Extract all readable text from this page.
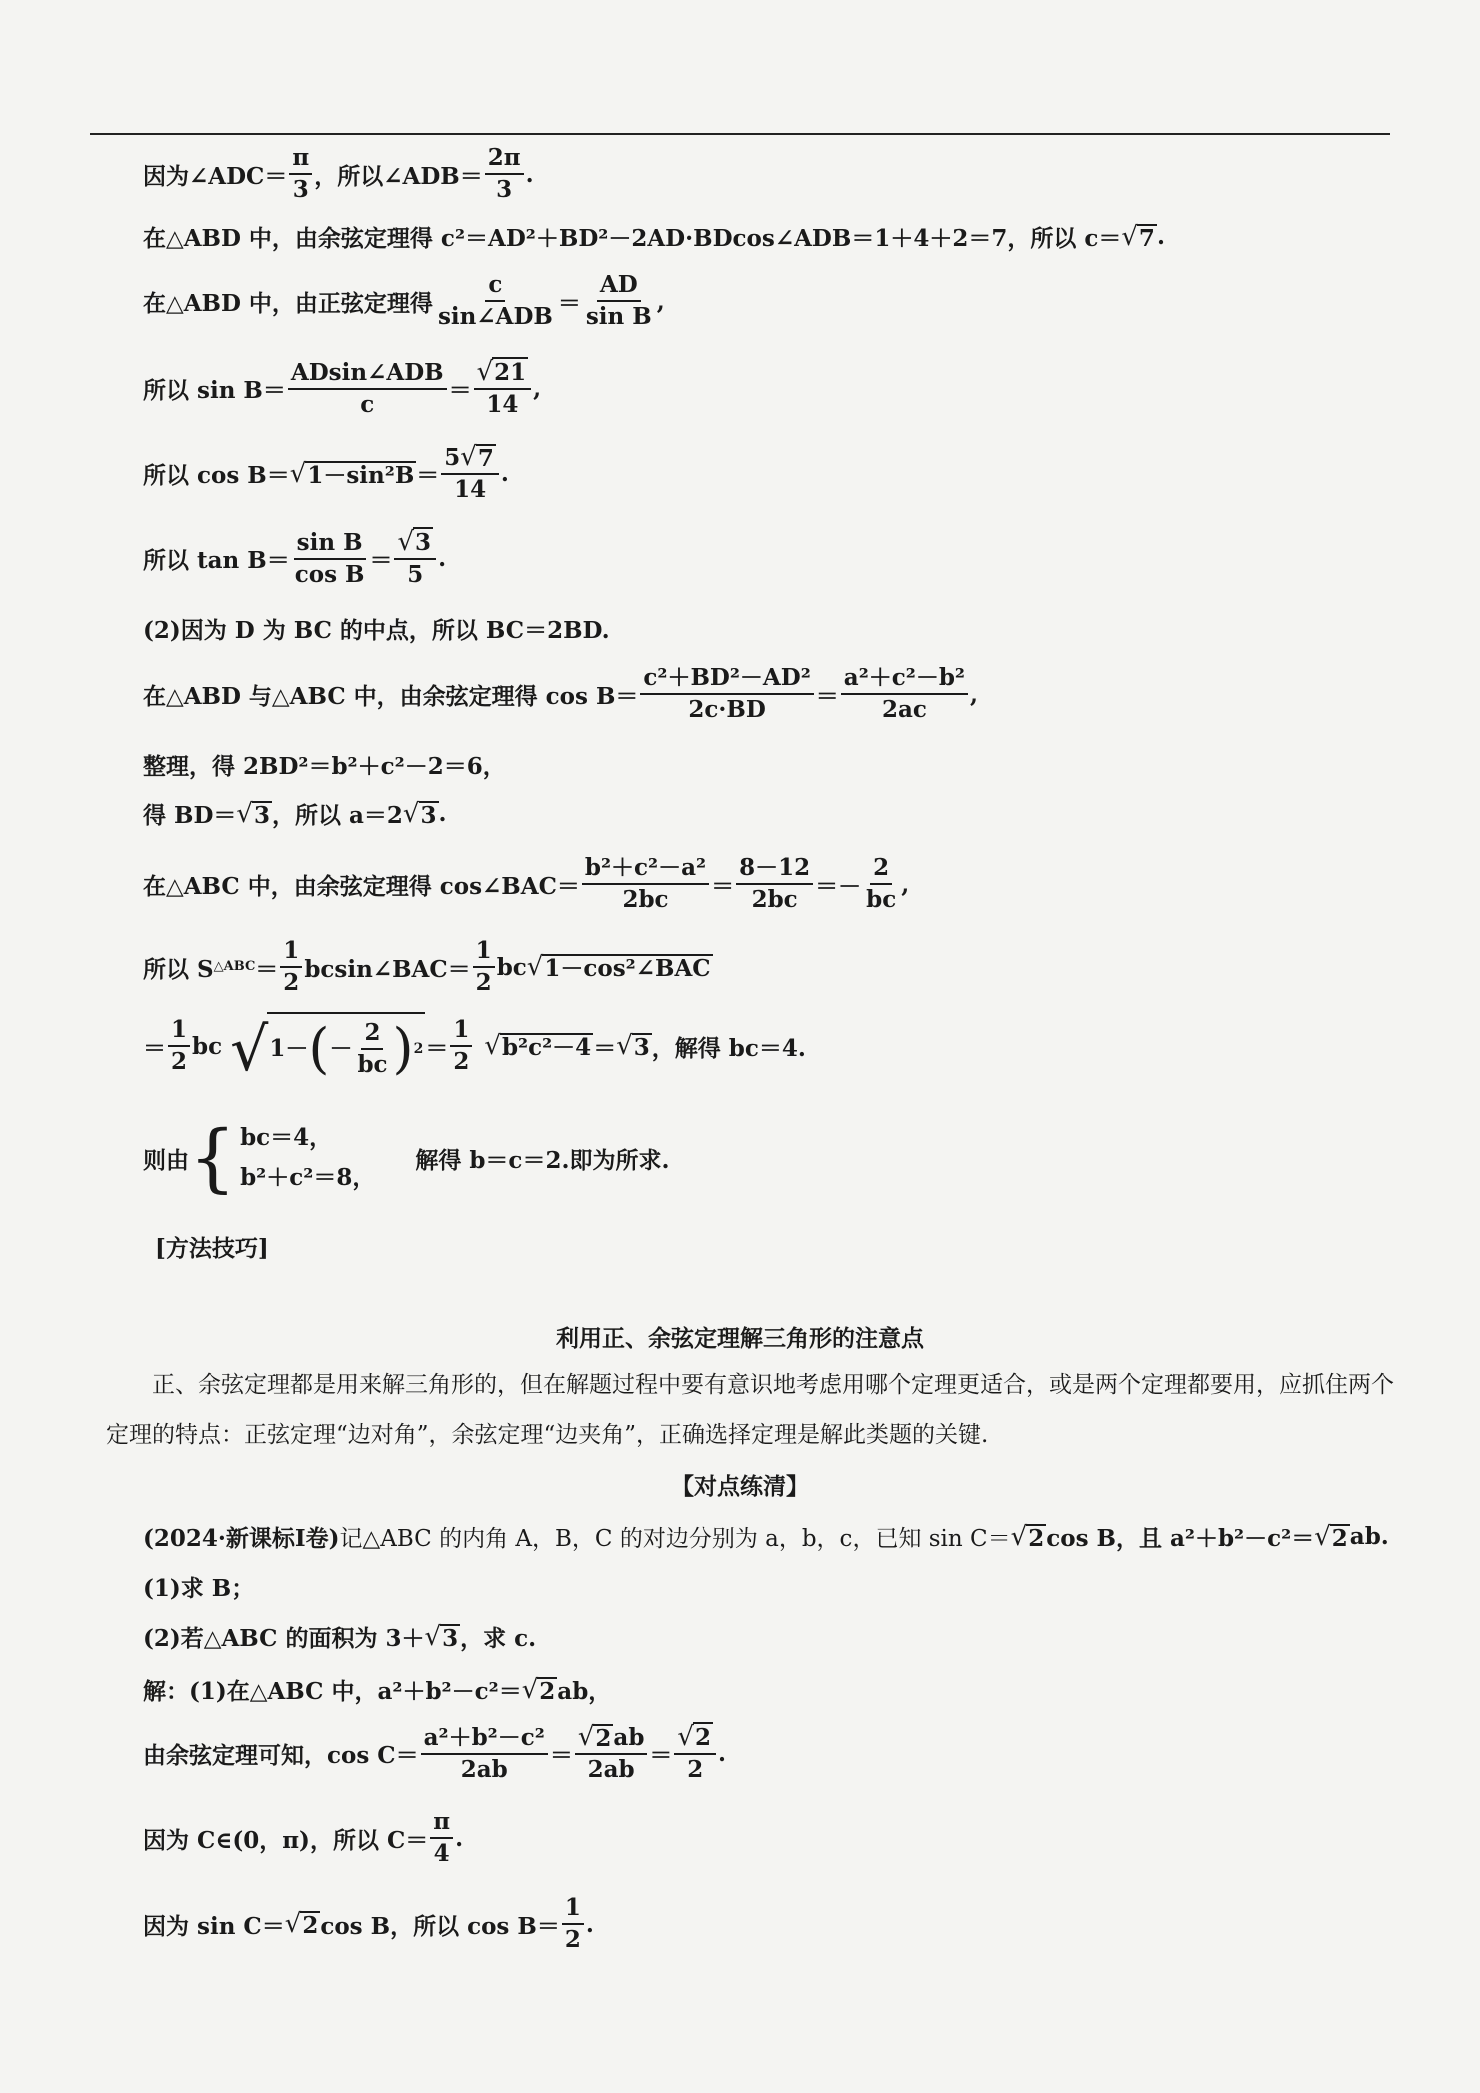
因为∠ADC＝ $\frac{\pi}{3}$ ，所以∠ADB＝ $\frac{2\pi}{3}$ .
在△ABD 中，由余弦定理得 c²＝AD²＋BD²－2AD·BDcos∠ADB＝1＋4＋2＝7，所以 c＝ √ 7 .
在△ABD 中，由正弦定理得 $\frac{c}{\text{sin∠ADB}} = \frac{AD}{\text{sin B}}$ ,
所以 $\sin B= \frac{\text{ADsin∠ADB}}{c} = \frac{√21}{14}$ ,
所以 cos B＝ √ $1-\sin^2B = \frac{5 √ 7}{14}$ .
所以 $\tan B= \frac{\text{sin B}}{\text{cos B}} = \frac{√3}{5}$ .
(2)因为 D 为 BC 的中点，所以 BC＝2BD.
在△ABD 与△ABC 中，由余弦定理得 $\cos B= \frac{\text{c²＋BD²－AD²}}{2c\cdot BD} = \frac{\text{a²＋c²－b²}}{2ac}$ ,
整理，得 2BD²＝b²＋c²－2＝6，
得 BD＝ √ 3 ，所以 a＝2 √ 3 .
在△ABC 中，由余弦定理得 cos∠BAC＝ $\frac{\text{b²＋c²－a²}}{2bc} = \frac{8-12}{2bc} =- \frac{2}{bc}$ ,
所以 S △ABC ＝ $\frac{1}{2}$ bcsin∠BAC＝ $\frac{1}{2}$ bc √ 1－cos²∠BAC
＝ $\frac{1}{2}$ bc √ 1－ ( － $\frac{2}{bc}$ ) $2 = \frac{1}{2}$ √ b²c²－4 ＝ √ 3 ，解得 bc＝4.
则由 { bc＝4，
b²＋c²＝8，
解得 b＝c＝2.即为所求.
[方法技巧]
利用正、余弦定理解三角形的注意点
正、余弦定理都是用来解三角形的，但在解题过程中要有意识地考虑用哪个定理更适合，或是两个定理都要用，应抓住两个定理的特点：正弦定理“边对角”，余弦定理“边夹角”，正确选择定理是解此类题的关键.
【对点练清】
(2024·新课标Ⅰ卷) 记△ABC 的内角 A，B，C 的对边分别为 a，b，c，已知 sin C＝ √ 2 cos B，且 a²＋b²－c²＝ √ 2 ab.
(1)求 B；
(2)若△ABC 的面积为 3＋ √ 3 ，求 c.
解： (1)在△ABC 中，a²＋b²－c²＝ √ 2 ab，
由余弦定理可知，$\cos C= \frac{\text{a²＋b²－c²}}{2ab} = \frac{√ 2 ab}{2ab} = \frac{√2}{2}$ .
因为 C∈(0，π)，所以 $C= \frac{\pi}{4}$ .
因为 sin C＝ √ 2 cos B，所以 $\cos B= \frac{1}{2}$ .
